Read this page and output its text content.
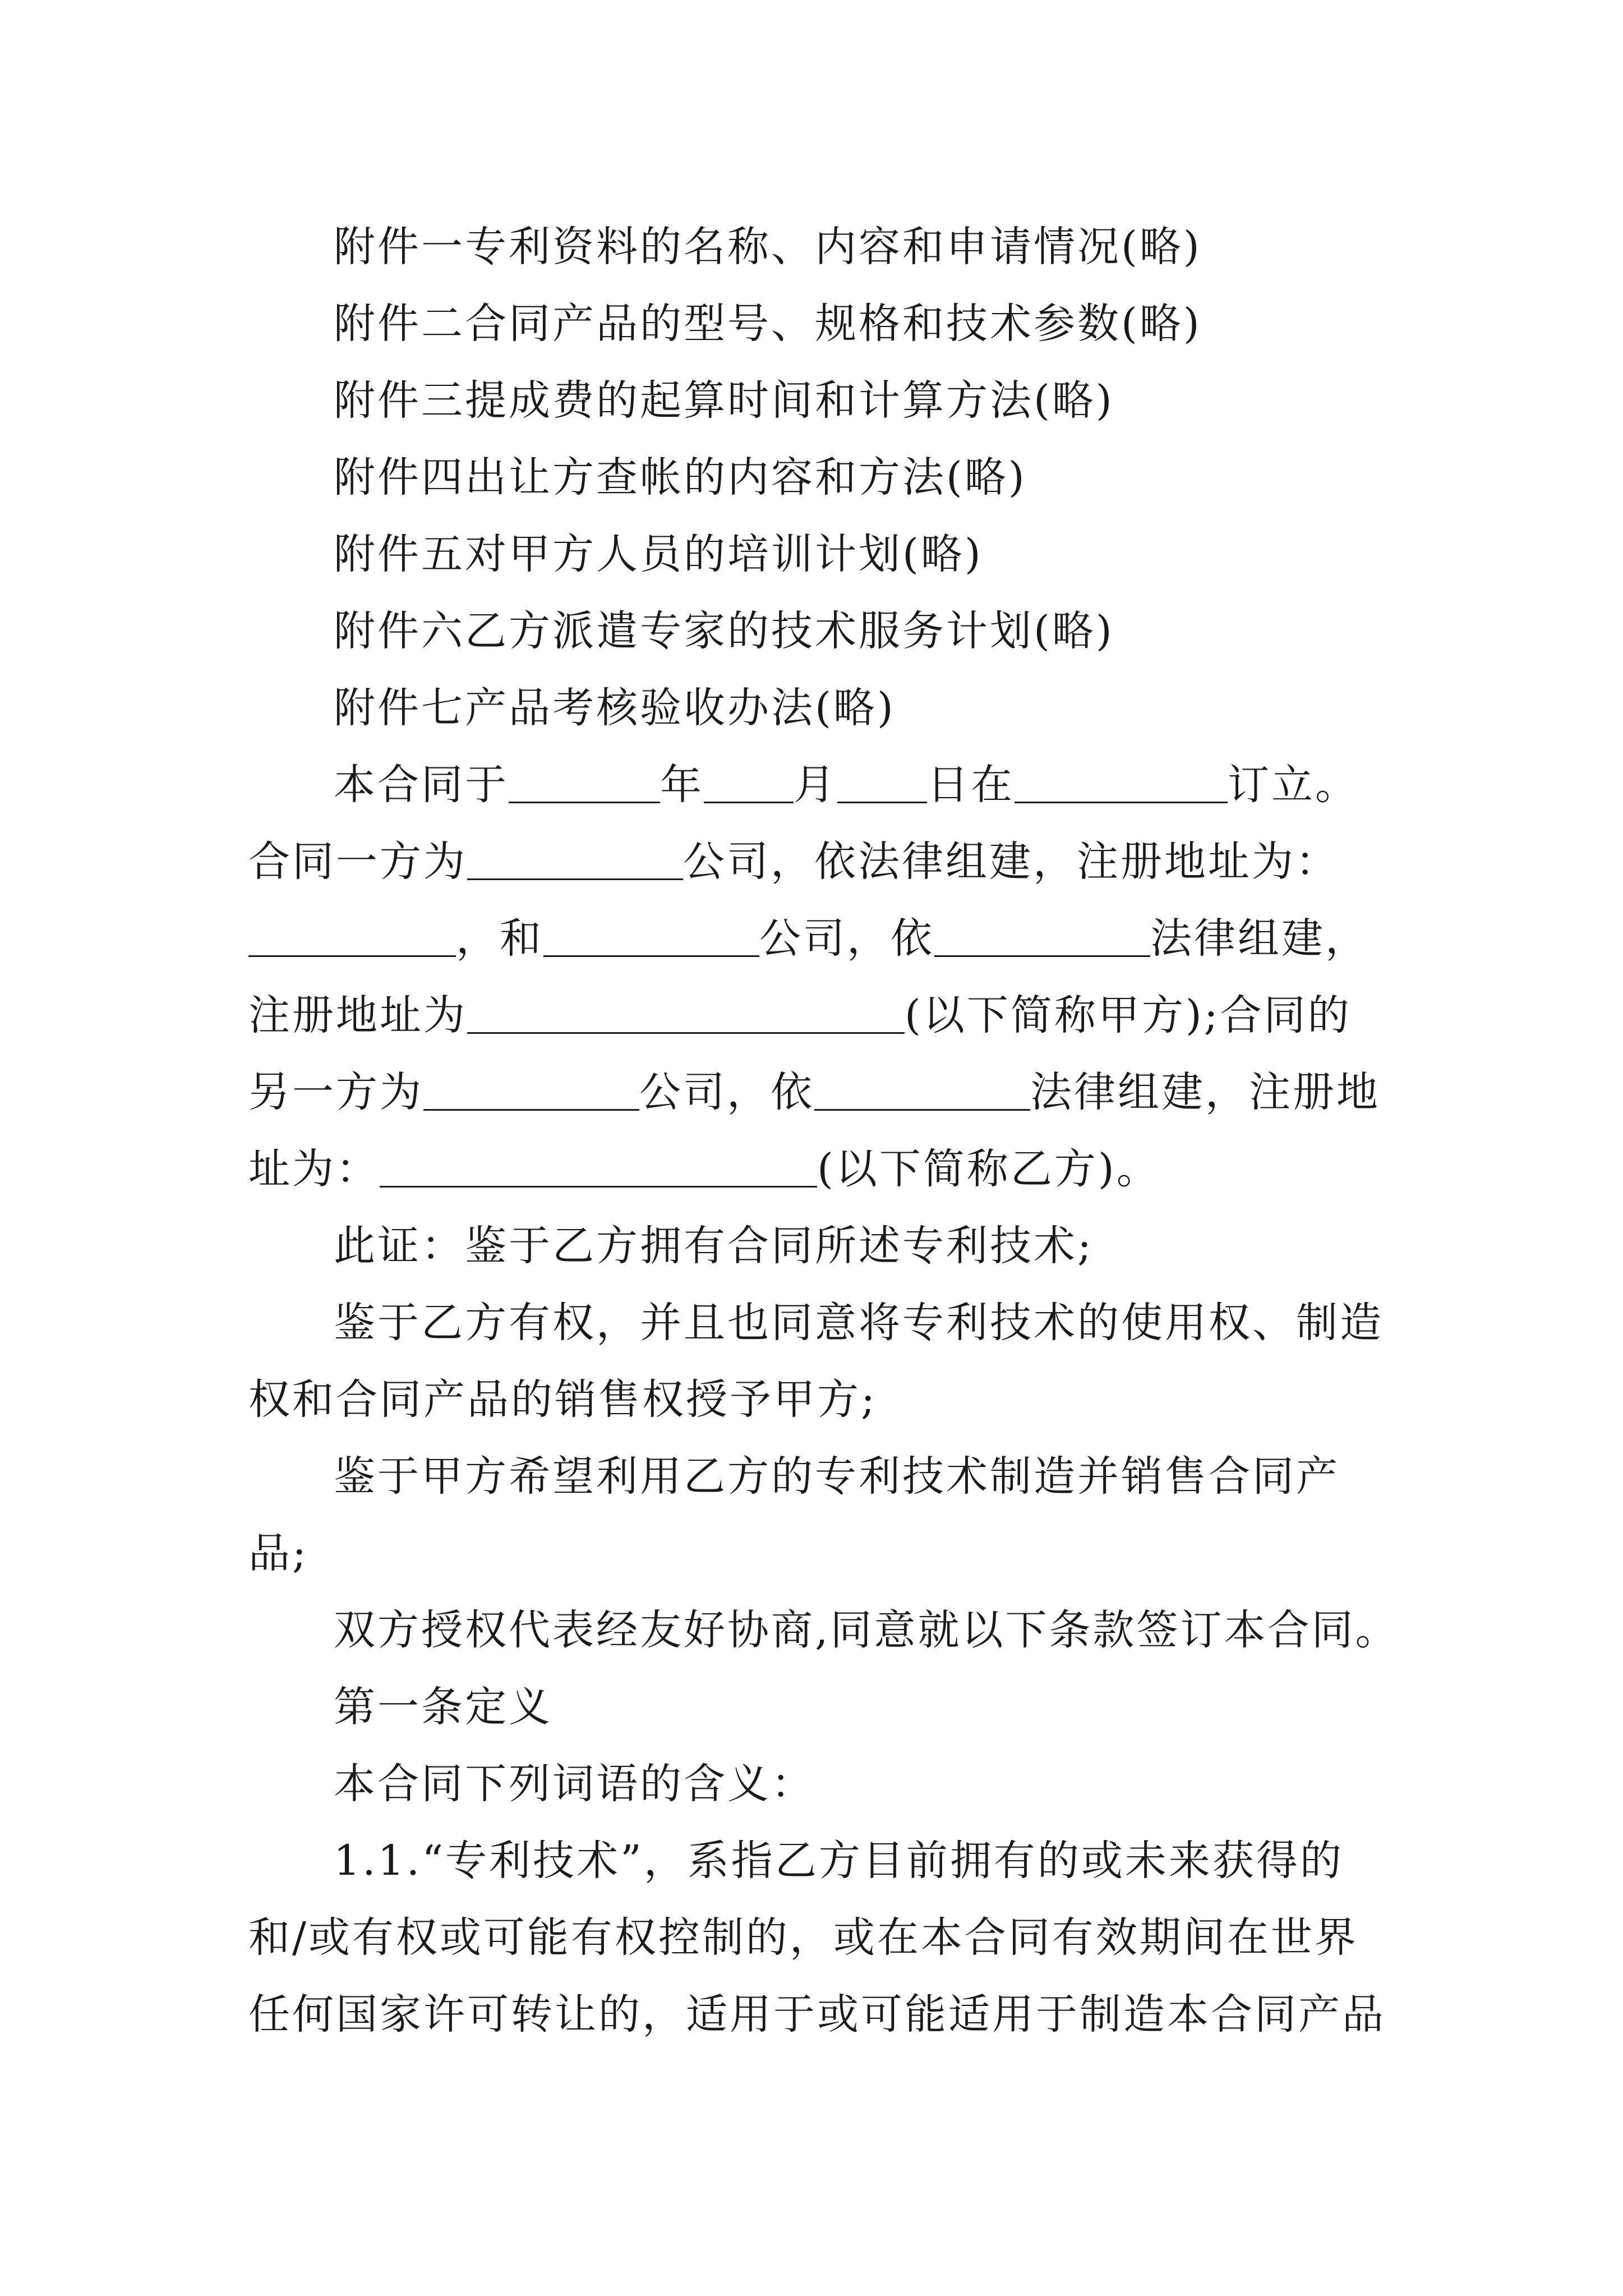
附件一专利资料的名称、内容和申请情况(略)
附件二合同产品的型号、规格和技术参数(略)
附件三提成费的起算时间和计算方法(略)
附件四出让方查帐的内容和方法(略)
附件五对甲方人员的培训计划(略)
附件六乙方派遣专家的技术服务计划(略)
附件七产品考核验收办法(略)
本合同于	年 月 日在	订立。
合同一方为	公司，依法律组建，注册地址为：
，和	公司，依	法律组建，
注册地址为	(以下简称甲方);合同的
另一方为	公司，依	法律组建，注册地
址为：	(以下简称乙方)。
此证：鉴于乙方拥有合同所述专利技术;
鉴于乙方有权，并且也同意将专利技术的使用权、制造
权和合同产品的销售权授予甲方;
鉴于甲方希望利用乙方的专利技术制造并销售合同产
品;
双方授权代表经友好协商,同意就以下条款签订本合同。
第一条定义
本合同下列词语的含义：
1.1.“专利技术”，系指乙方目前拥有的或未来获得的
和/或有权或可能有权控制的，或在本合同有效期间在世界
任何国家许可转让的，适用于或可能适用于制造本合同产品
